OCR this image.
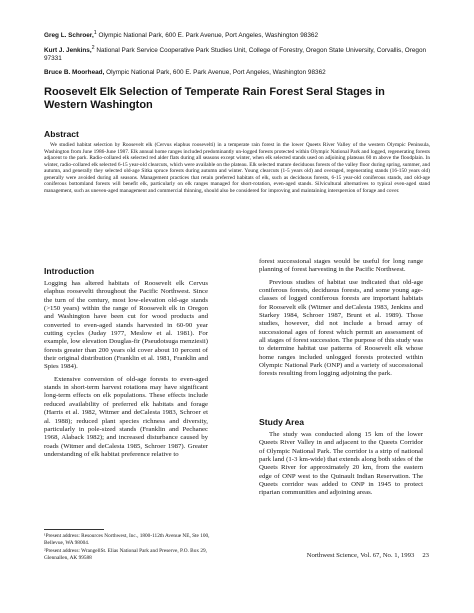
Greg L. Schroer,$^1$ Olympic National Park, 600 E. Park Avenue, Port Angeles, Washington 98362
Kurt J. Jenkins,$^2$ National Park Service Cooperative Park Studies Unit, College of Forestry, Oregon State University, Corvallis, Oregon 97331
Bruce B. Moorhead, Olympic National Park, 600 E. Park Avenue, Port Angeles, Washington 98362
Roosevelt Elk Selection of Temperate Rain Forest Seral Stages in Western Washington
Abstract

We studied habitat selection by Roosevelt elk (Cervus elaphus roosevelti) in a temperate rain forest in the lower Queets River Valley of the western Olympic Peninsula, Washington from June 1986-June 1987. Elk annual home ranges included predominantly un-logged forests protected within Olympic National Park and logged, regenerating forests adjacent to the park. Radio-collared elk selected red alder flats during all seasons except winter, when elk selected stands used on adjoining plateaus 60 m above the floodplain. In winter, radio-collared elk selected 6-15 year-old clearcuts, which were available on the plateau. Elk selected mature deciduous forests of the valley floor during spring, summer, and autumn, and generally they selected old-age Sitka spruce forests during autumn and winter. Young clearcuts (1-5 years old) and overaged, regenerating stands (16-150 years old) generally were avoided during all seasons. Management practices that retain preferred habitats of elk, such as deciduous forests, 6-15 year-old coniferous stands, and old-age coniferous bottomland forests will benefit elk, particularly on elk ranges managed for short-rotation, even-aged stands. Silvicultural alternatives to typical even-aged stand management, such as uneven-aged management and commercial thinning, should also be considered for improving and maintaining interspersion of forage and cover.

Introduction

Logging has altered habitats of Roosevelt elk Cervus elaphus roosevelti throughout the Pacific Northwest. Since the turn of the century, most low-elevation old-age stands (>150 years) within the range of Roosevelt elk in Oregon and Washington have been cut for wood products and converted to even-aged stands harvested in 60-90 year cutting cycles (Juday 1977, Meslow et al. 1981). For example, low elevation Douglas-fir (Pseudotsuga menziesii) forests greater than 200 years old cover about 10 percent of their original distribution (Franklin et al. 1981, Franklin and Spies 1984).

Extensive conversion of old-age forests to even-aged stands in short-term harvest rotations may have significant long-term effects on elk populations. These effects include reduced availability of preferred elk habitats and forage (Harris et al. 1982, Witmer and deCalesta 1983, Schroer et al. 1988); reduced plant species richness and diversity, particularly in pole-sized stands (Franklin and Pechanec 1968, Alaback 1982); and increased disturbance caused by roads (Witmer and deCalesta 1985, Schroer 1987). Greater understanding of elk habitat preference relative to

¹Present address: Resources Northwest, Inc., 1800-112th Avenue NE, Ste 100, Bellevue, WA 98004.

²Present address: WrangellSt. Elias National Park and Preserve, P.O. Box 29, Glennallen, AK 99588

forest successional stages would be useful for long range planning of forest harvesting in the Pacific Northwest.

Previous studies of habitat use indicated that old-age coniferous forests, deciduous forests, and some young age-classes of logged coniferous forests are important habitats for Roosevelt elk (Witmer and deCalesta 1983, Jenkins and Starkey 1984, Schroer 1987, Brunt et al. 1989). Those studies, however, did not include a broad array of successional ages of forest which permit an assessment of all stages of forest succession. The purpose of this study was to determine habitat use patterns of Roosevelt elk whose home ranges included unlogged forests protected within Olympic National Park (ONP) and a variety of successional forests resulting from logging adjoining the park.

Study Area

The study was conducted along 15 km of the lower Queets River Valley in and adjacent to the Queets Corridor of Olympic National Park. The corridor is a strip of national park land (1-3 km-wide) that extends along both sides of the Queets River for approximately 20 km, from the eastern edge of ONP west to the Quinault Indian Reservation. The Queets corridor was added to ONP in 1945 to protect riparian communities and adjoining areas.

Northwest Science, Vol. 67, No. 1, 1993 23
